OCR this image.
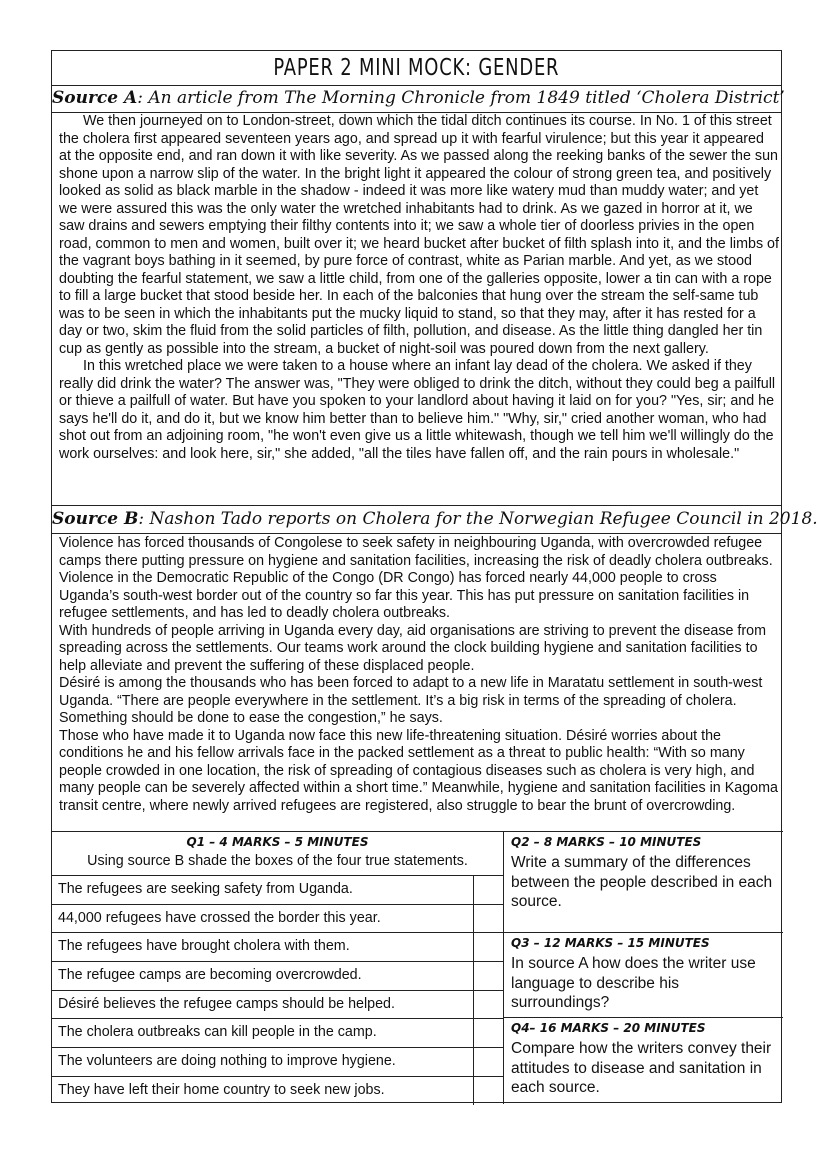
PAPER 2 MINI MOCK: GENDER
Source A: An article from The Morning Chronicle from 1849 titled ‘Cholera District’

We then journeyed on to London-street, down which the tidal ditch continues its course. In No. 1 of this street the cholera first appeared seventeen years ago, and spread up it with fearful virulence; but this year it appeared at the opposite end, and ran down it with like severity. As we passed along the reeking banks of the sewer the sun shone upon a narrow slip of the water. In the bright light it appeared the colour of strong green tea, and positively looked as solid as black marble in the shadow - indeed it was more like watery mud than muddy water; and yet we were assured this was the only water the wretched inhabitants had to drink. As we gazed in horror at it, we saw drains and sewers emptying their filthy contents into it; we saw a whole tier of doorless privies in the open road, common to men and women, built over it; we heard bucket after bucket of filth splash into it, and the limbs of the vagrant boys bathing in it seemed, by pure force of contrast, white as Parian marble. And yet, as we stood doubting the fearful statement, we saw a little child, from one of the galleries opposite, lower a tin can with a rope to fill a large bucket that stood beside her. In each of the balconies that hung over the stream the self-same tub was to be seen in which the inhabitants put the mucky liquid to stand, so that they may, after it has rested for a day or two, skim the fluid from the solid particles of filth, pollution, and disease. As the little thing dangled her tin cup as gently as possible into the stream, a bucket of night-soil was poured down from the next gallery.

In this wretched place we were taken to a house where an infant lay dead of the cholera. We asked if they really did drink the water? The answer was, "They were obliged to drink the ditch, without they could beg a pailfull or thieve a pailfull of water. But have you spoken to your landlord about having it laid on for you? "Yes, sir; and he says he'll do it, and do it, but we know him better than to believe him." "Why, sir," cried another woman, who had shot out from an adjoining room, "he won't even give us a little whitewash, though we tell him we'll willingly do the work ourselves: and look here, sir," she added, "all the tiles have fallen off, and the rain pours in wholesale."

Source B: Nashon Tado reports on Cholera for the Norwegian Refugee Council in 2018.

Violence has forced thousands of Congolese to seek safety in neighbouring Uganda, with overcrowded refugee camps there putting pressure on hygiene and sanitation facilities, increasing the risk of deadly cholera outbreaks. Violence in the Democratic Republic of the Congo (DR Congo) has forced nearly 44,000 people to cross Uganda’s south-west border out of the country so far this year. This has put pressure on sanitation facilities in refugee settlements, and has led to deadly cholera outbreaks.

With hundreds of people arriving in Uganda every day, aid organisations are striving to prevent the disease from spreading across the settlements. Our teams work around the clock building hygiene and sanitation facilities to help alleviate and prevent the suffering of these displaced people.

Désiré is among the thousands who has been forced to adapt to a new life in Maratatu settlement in south-west Uganda. “There are people everywhere in the settlement. It’s a big risk in terms of the spreading of cholera. Something should be done to ease the congestion,” he says.

Those who have made it to Uganda now face this new life-threatening situation. Désiré worries about the conditions he and his fellow arrivals face in the packed settlement as a threat to public health: “With so many people crowded in one location, the risk of spreading of contagious diseases such as cholera is very high, and many people can be severely affected within a short time.” Meanwhile, hygiene and sanitation facilities in Kagoma transit centre, where newly arrived refugees are registered, also struggle to bear the brunt of overcrowding.

Q1 – 4 MARKS – 5 MINUTES
Using source B shade the boxes of the four true statements.
The refugees are seeking safety from Uganda.
44,000 refugees have crossed the border this year.
The refugees have brought cholera with them.
The refugee camps are becoming overcrowded.
Désiré believes the refugee camps should be helped.
The cholera outbreaks can kill people in the camp.
The volunteers are doing nothing to improve hygiene.
They have left their home country to seek new jobs.
Q2 – 8 MARKS – 10 MINUTES
Write a summary of the differences between the people described in each source.
Q3 – 12 MARKS – 15 MINUTES
In source A how does the writer use language to describe his surroundings?
Q4– 16 MARKS – 20 MINUTES
Compare how the writers convey their attitudes to disease and sanitation in each source.
